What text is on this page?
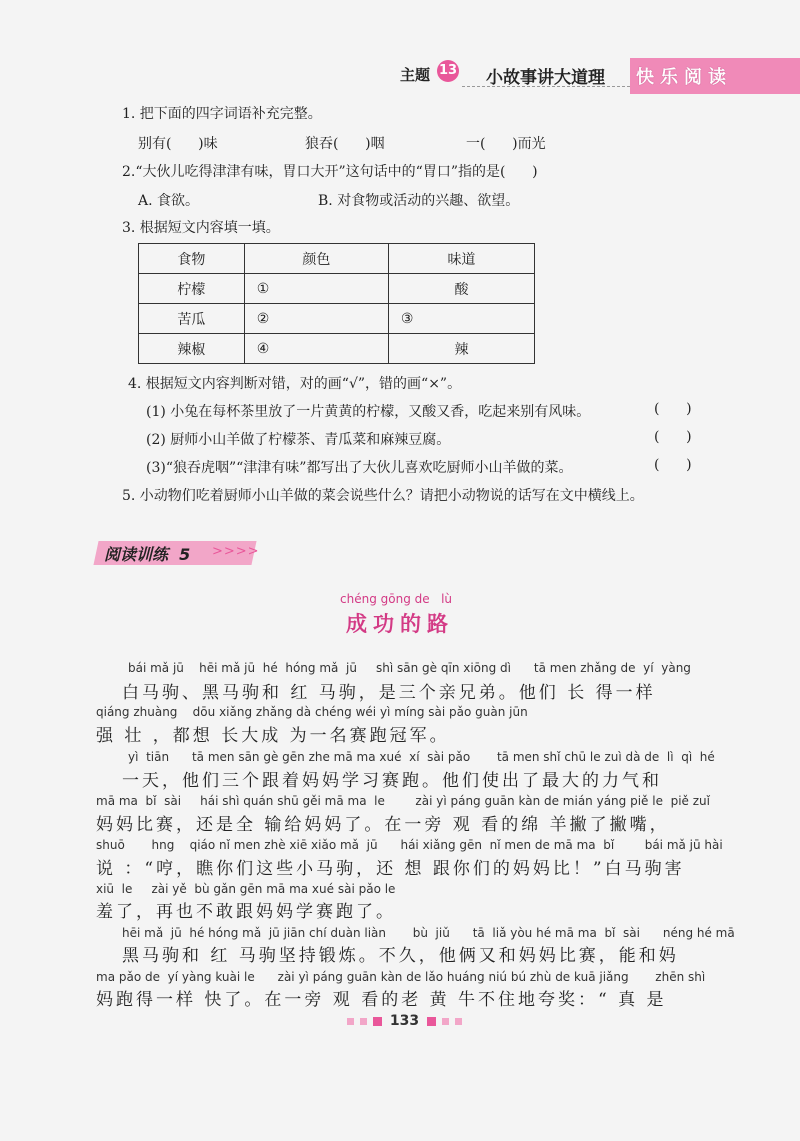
主题 13 小故事讲大道理 快乐阅读
1. 把下面的四字词语补充完整。
别有(      )味	狼吞(      )咽	一(      )而光
2.“大伙儿吃得津津有味，胃口大开”这句话中的“胃口”指的是(      )
A. 食欲。	B. 对食物或活动的兴趣、欲望。
3. 根据短文内容填一填。
食物	颜色	味道
柠檬	①	酸
苦瓜	②	③
辣椒	④	辣
4. 根据短文内容判断对错，对的画“√”，错的画“×”。
(1) 小兔在每杯茶里放了一片黄黄的柠檬，又酸又香，吃起来别有风味。	(      )
(2) 厨师小山羊做了柠檬茶、青瓜菜和麻辣豆腐。	(      )
(3)“狼吞虎咽”“津津有味”都写出了大伙儿喜欢吃厨师小山羊做的菜。	(      )
5. 小动物们吃着厨师小山羊做的菜会说些什么？请把小动物说的话写在文中横线上。
阅读训练 5 >>>>
chéng gōng de   lù
成功的路
bái mǎ jū    hēi mǎ jū  hé  hóng mǎ  jū     shì sān gè qīn xiōng dì      tā men zhǎng de  yí  yàng
白马驹、黑马驹和 红 马驹，是三个亲兄弟。他们 长 得一样
qiáng zhuàng    dōu xiǎng zhǎng dà chéng wéi yì míng sài pǎo guàn jūn
强 壮 ，都想 长大成 为一名赛跑冠军。
yì  tiān      tā men sān gè gēn zhe mā ma xué  xí  sài pǎo       tā men shǐ chū le zuì dà de  lì  qì  hé
一天，他们三个跟着妈妈学习赛跑。他们使出了最大的力气和
mā ma  bǐ  sài     hái shì quán shū gěi mā ma  le        zài yì páng guān kàn de mián yáng piě le  piě zuǐ
妈妈比赛，还是全 输给妈妈了。在一旁 观 看的绵 羊撇了撇嘴，
shuō       hng    qiáo nǐ men zhè xiē xiǎo mǎ  jū      hái xiǎng gēn  nǐ men de mā ma  bǐ        bái mǎ jū hài
说 ：“哼，瞧你们这些小马驹，还 想 跟你们的妈妈比！”白马驹害
xiū  le     zài yě  bù gǎn gēn mā ma xué sài pǎo le
羞了，再也不敢跟妈妈学赛跑了。
hēi mǎ  jū  hé hóng mǎ  jū jiān chí duàn liàn       bù  jiǔ      tā  liǎ yòu hé mā ma  bǐ  sài      néng hé mā
黑马驹和 红 马驹坚持锻炼。不久，他俩又和妈妈比赛，能和妈
ma pǎo de  yí yàng kuài le      zài yì páng guān kàn de lǎo huáng niú bú zhù de kuā jiǎng       zhēn shì
妈跑得一样 快了。在一旁 观 看的老 黄 牛不住地夸奖：“ 真 是
133
